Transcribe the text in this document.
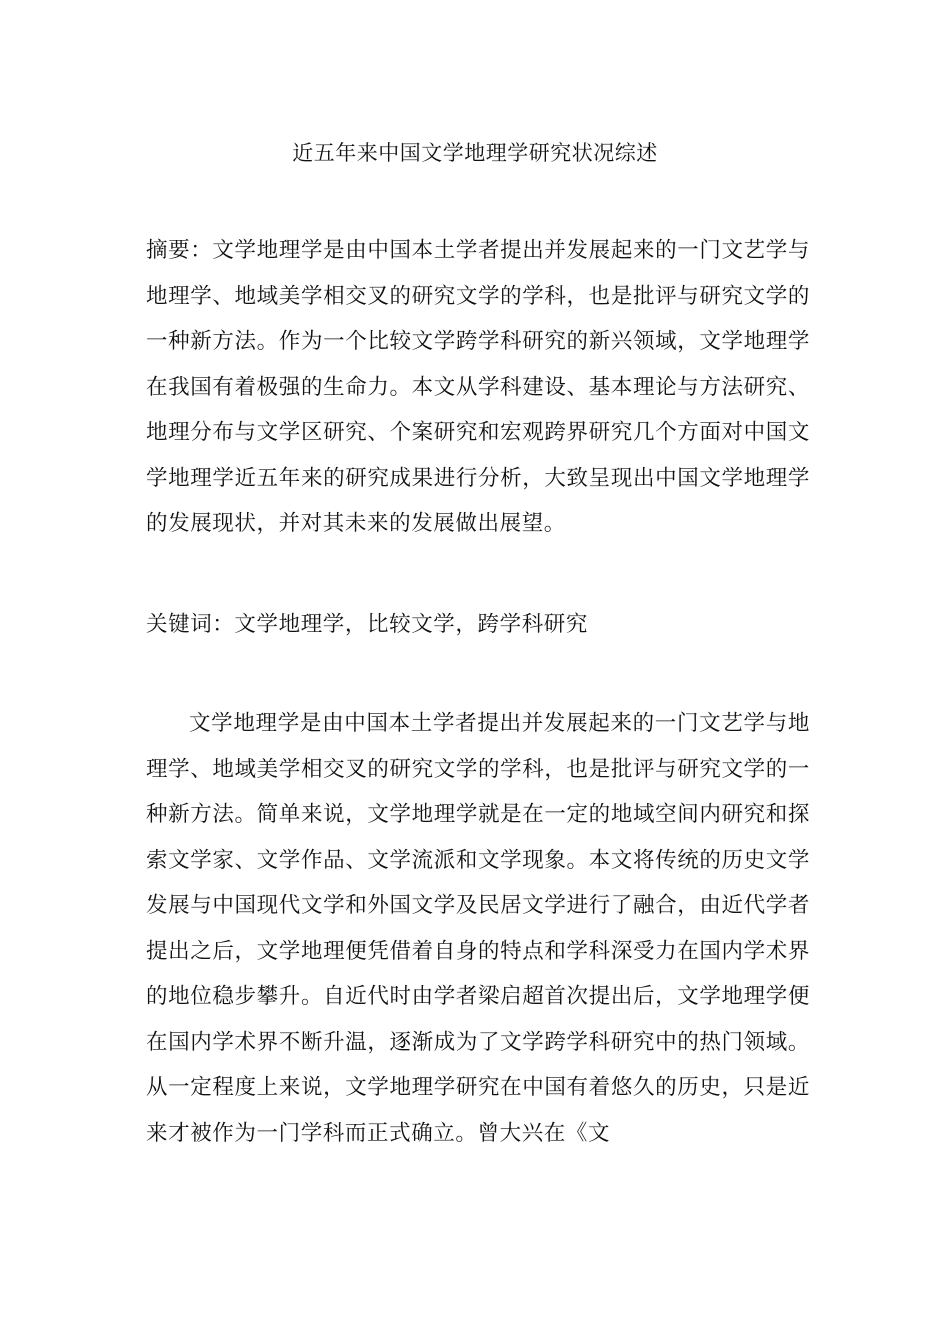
近五年来中国文学地理学研究状况综述
摘要：文学地理学是由中国本土学者提出并发展起来的一门文艺学与地理学、地域美学相交叉的研究文学的学科，也是批评与研究文学的一种新方法。作为一个比较文学跨学科研究的新兴领域，文学地理学在我国有着极强的生命力。本文从学科建设、基本理论与方法研究、地理分布与文学区研究、个案研究和宏观跨界研究几个方面对中国文学地理学近五年来的研究成果进行分析，大致呈现出中国文学地理学的发展现状，并对其未来的发展做出展望。
关键词：文学地理学，比较文学，跨学科研究
文学地理学是由中国本土学者提出并发展起来的一门文艺学与地理学、地域美学相交叉的研究文学的学科，也是批评与研究文学的一种新方法。简单来说，文学地理学就是在一定的地域空间内研究和探索文学家、文学作品、文学流派和文学现象。本文将传统的历史文学发展与中国现代文学和外国文学及民居文学进行了融合，由近代学者提出之后，文学地理便凭借着自身的特点和学科深受力在国内学术界的地位稳步攀升。自近代时由学者梁启超首次提出后，文学地理学便在国内学术界不断升温，逐渐成为了文学跨学科研究中的热门领域。从一定程度上来说，文学地理学研究在中国有着悠久的历史，只是近来才被作为一门学科而正式确立。曾大兴在《文
